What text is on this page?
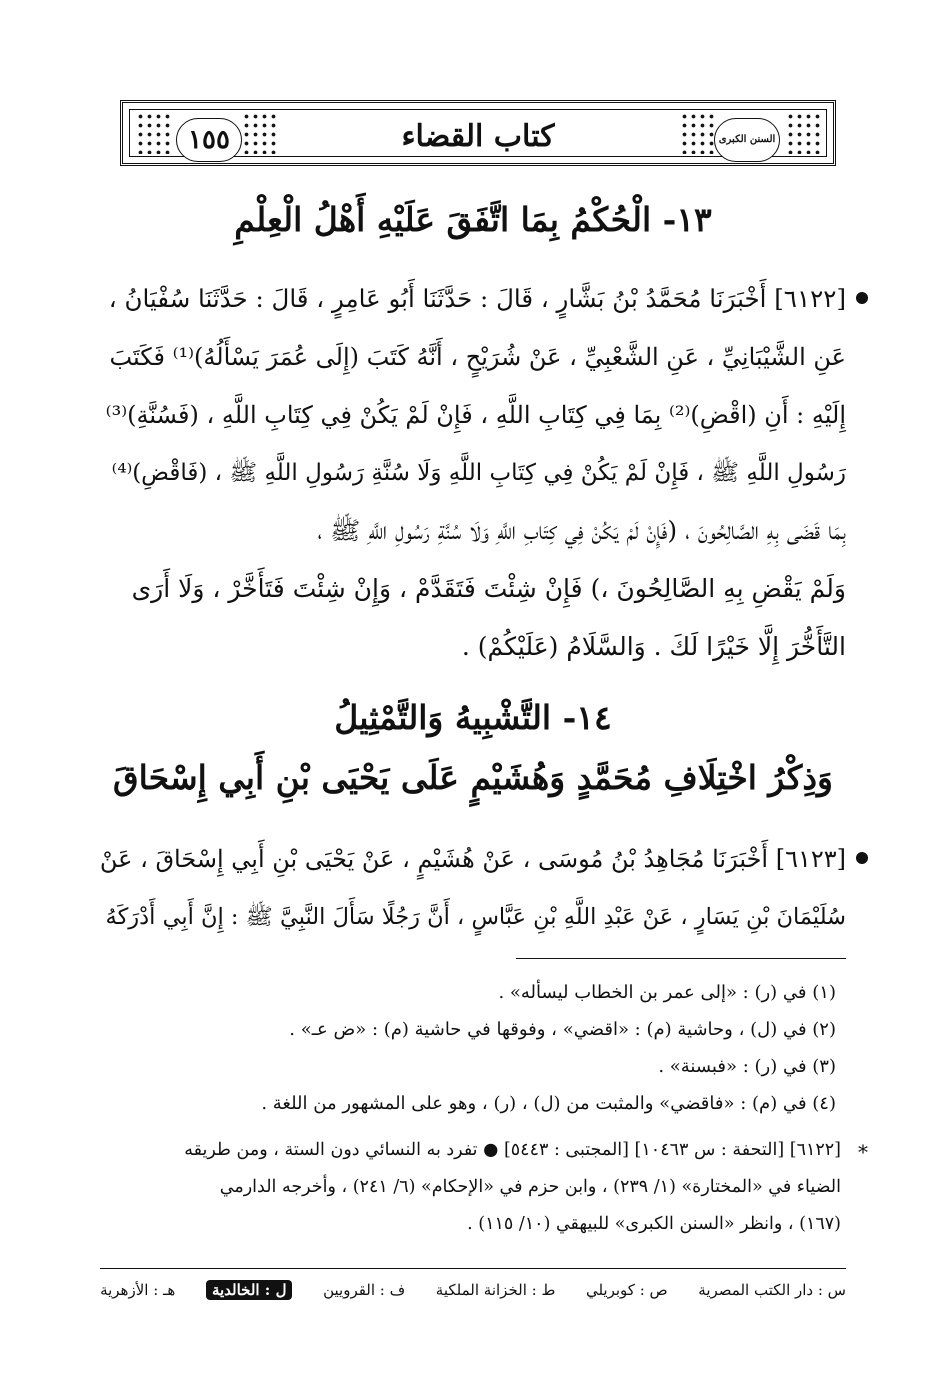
١٥٥	كتاب القضاء	السنن الكبرى
١٣- الْحُكْمُ بِمَا اتَّفَقَ عَلَيْهِ أَهْلُ الْعِلْمِ
[٦١٢٢] أَخْبَرَنَا مُحَمَّدُ بْنُ بَشَّارٍ ، قَالَ : حَدَّثَنَا أَبُو عَامِرٍ ، قَالَ : حَدَّثَنَا سُفْيَانُ ،
عَنِ الشَّيْبَانِيِّ ، عَنِ الشَّعْبِيِّ ، عَنْ شُرَيْحٍ ، أَنَّهُ كَتَبَ (إِلَى عُمَرَ يَسْأَلُهُ)⁽¹⁾ فَكَتَبَ
إِلَيْهِ : أَنِ (اقْضِ)⁽²⁾ بِمَا فِي كِتَابِ اللَّهِ ، فَإِنْ لَمْ يَكُنْ فِي كِتَابِ اللَّهِ ، (فَسُنَّةِ)⁽³⁾
رَسُولِ اللَّهِ ﷺ ، فَإِنْ لَمْ يَكُنْ فِي كِتَابِ اللَّهِ وَلَا سُنَّةِ رَسُولِ اللَّهِ ﷺ ، (فَاقْضِ)⁽⁴⁾
بِمَا قَضَى بِهِ الصَّالِحُونَ ، (فَإِنْ لَمْ يَكُنْ فِي كِتَابِ اللَّهِ وَلَا سُنَّةِ رَسُولِ اللَّهِ ﷺ ،
وَلَمْ يَقْضِ بِهِ الصَّالِحُونَ ،) فَإِنْ شِئْتَ فَتَقَدَّمْ ، وَإِنْ شِئْتَ فَتَأَخَّرْ ، وَلَا أَرَى
التَّأَخُّرَ إِلَّا خَيْرًا لَكَ . وَالسَّلَامُ (عَلَيْكُمْ) .
١٤- التَّشْبِيهُ وَالتَّمْثِيلُ
وَذِكْرُ اخْتِلَافِ مُحَمَّدٍ وَهُشَيْمٍ عَلَى يَحْيَى بْنِ أَبِي إِسْحَاقَ
[٦١٢٣] أَخْبَرَنَا مُجَاهِدُ بْنُ مُوسَى ، عَنْ هُشَيْمٍ ، عَنْ يَحْيَى بْنِ أَبِي إِسْحَاقَ ، عَنْ
سُلَيْمَانَ بْنِ يَسَارٍ ، عَنْ عَبْدِ اللَّهِ بْنِ عَبَّاسٍ ، أَنَّ رَجُلًا سَأَلَ النَّبِيَّ ﷺ : إِنَّ أَبِي أَدْرَكَهُ
(١) في (ر) : «إلى عمر بن الخطاب ليسأله» .
(٢) في (ل) ، وحاشية (م) : «اقضي» ، وفوقها في حاشية (م) : «ض عـ» .
(٣) في (ر) : «فبسنة» .
(٤) في (م) : «فاقضي» والمثبت من (ل) ، (ر) ، وهو على المشهور من اللغة .
*
[٦١٢٢] [التحفة : س ١٠٤٦٣] [المجتبى : ٥٤٤٣] ● تفرد به النسائي دون الستة ، ومن طريقه
الضياء في «المختارة» (١/ ٢٣٩) ، وابن حزم في «الإحكام» (٦/ ٢٤١) ، وأخرجه الدارمي
(١٦٧) ، وانظر «السنن الكبرى» للبيهقي (١٠/ ١١٥) .
س : دار الكتب المصرية
ص : كوبريلي
ط : الخزانة الملكية
ف : القرويين
ل : الخالدية
هـ : الأزهرية
